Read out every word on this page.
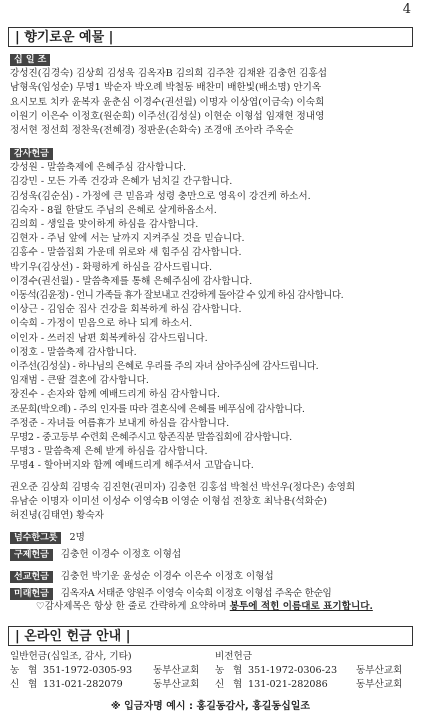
4
| 향기로운 예물 |
십 일 조
강성진(김경숙) 김상희 김성욱 김옥자B 김의희 김주찬 김채완 김충헌 김홍섭
남형욱(임성순) 무명1 박순자 박오례 박철동 배찬미 배한빛(배소명) 안기옥
요시모토 치카 윤복자 윤춘심 이경수(권선월) 이명자 이상엽(이금숙) 이숙희
이원기 이은수 이정호(원순희) 이주선(김성실) 이현순 이형섭 임재현 정내영
정서현 정선희 정찬욱(전혜경) 정판운(손화숙) 조경애 조아라 주옥순
감사헌금
강성원 - 말씀축제에 은혜주심 감사합니다.
김강민 - 모든 가족 건강과 은혜가 넘치길 간구합니다.
김성욱(김순심) - 가정에 큰 믿음과 성령 충만으로 영육이 강건케 하소서.
김숙자 - 8월 한달도 주님의 은혜로 살게하옵소서.
김의희 - 생일을 맞이하게 하심을 감사합니다.
김현자 - 주님 앞에 서는 날까지 지켜주실 것을 믿습니다.
김홍수 - 말씀집회 가운데 위로와 새 힘주심 감사합니다.
박기우(김상선) - 화평하게 하심을 감사드립니다.
이경수(권선월) - 말씀축제를 통해 은혜주심에 감사합니다.
이동석(김윤정) - 언니 가족들 휴가 잘보내고 건강하게 돌아갈 수 있게 하심 감사합니다.
이상근 - 김임순 집사 건강을 회복하게 하심 감사합니다.
이숙희 - 가정이 믿음으로 하나 되게 하소서.
이인자 - 쓰러진 남편 회복케하심 감사드립니다.
이정호 - 말씀축제 감사합니다.
이주선(김성실) - 하나님의 은혜로 우리를 주의 자녀 삼아주심에 감사드립니다.
임재범 - 큰딸 결혼에 감사합니다.
장진수 - 손자와 함께 예배드리게 하심 감사합니다.
조문희(박오례) - 주의 인자를 따라 결혼식에 은혜를 베푸심에 감사합니다.
주정준 - 자녀들 여름휴가 보내게 하심을 감사합니다.
무명2 - 중고등부 수련회 은혜주시고 항존직분 말씀집회에 감사합니다.
무명3 - 말씀축제 은혜 받게 하심을 감사합니다.
무명4 - 할아버지와 함께 예배드리게 해주셔서 고맙습니다.
권오준 김상희 김명숙 김진현(권미자) 김충헌 김홍섭 박철선 박선우(정다은) 송영희
유남순 이명자 이미선 이성수 이영숙B 이영순 이형섭 전창호 최낙용(석화순)
허진녕(김태연) 황숙자
넘수한그릇 2명
구제헌금 김충헌 이경수 이정호 이형섭
선교헌금 김충헌 박기운 윤성순 이경수 이은수 이정호 이형섭
미래헌금 김옥자A 서태준 양원주 이영숙 이숙희 이정호 이형섭 주옥순 한순임
♡감사제목은 항상 한 줄로 간략하게 요약하며 봉투에 적힌 이름대로 표기합니다.
| 온라인 헌금 안내 |
일반헌금(십일조, 감사, 기타)	비전헌금
농 협 351-1972-0305-93	동부산교회	농 협 351-1972-0306-23	동부산교회
신 협 131-021-282079	동부산교회	신 협 131-021-282086	동부산교회
※ 입금자명 예시 : 홍길동감사, 홍길동십일조
